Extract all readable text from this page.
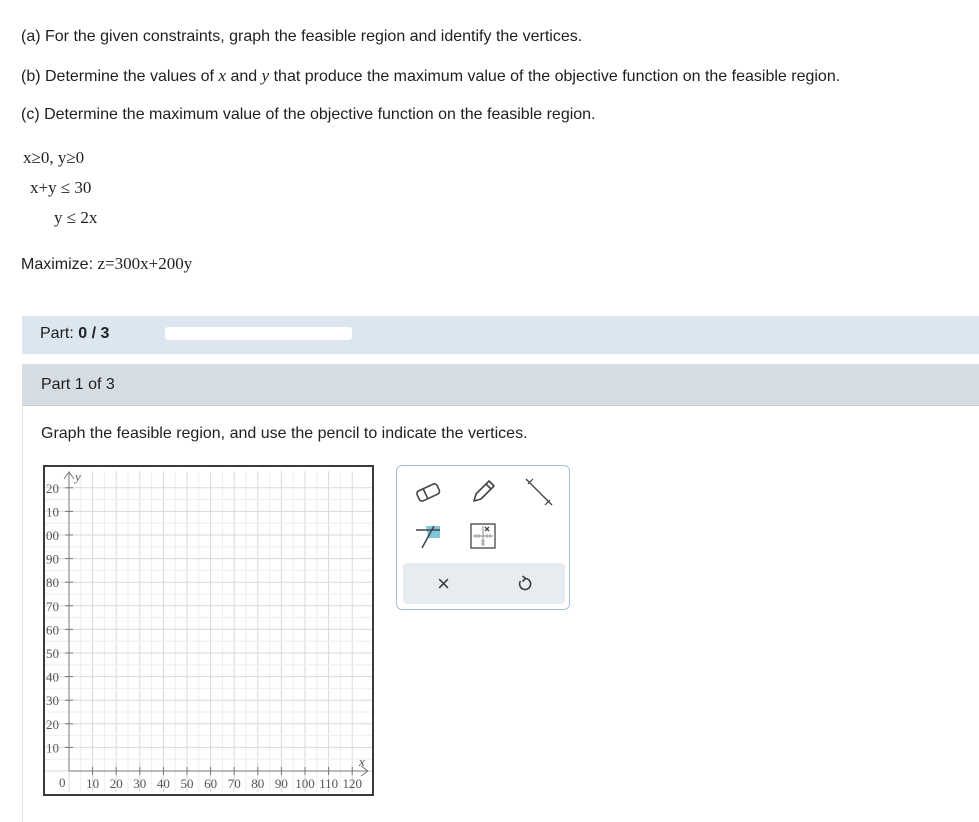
(a) For the given constraints, graph the feasible region and identify the vertices.
(b) Determine the values of x and y that produce the maximum value of the objective function on the feasible region.
(c) Determine the maximum value of the objective function on the feasible region.
x≥0, y≥0
x+y ≤ 30
y ≤ 2x
Maximize: z=300x+200y
Part: 0 / 3
Part 1 of 3
Graph the feasible region, and use the pencil to indicate the vertices.
y
x
0 10 20 30 40 50 60 70 80 90 100 110 120
20
10
00
90
80
70
60
50
40
30
20
10
×
